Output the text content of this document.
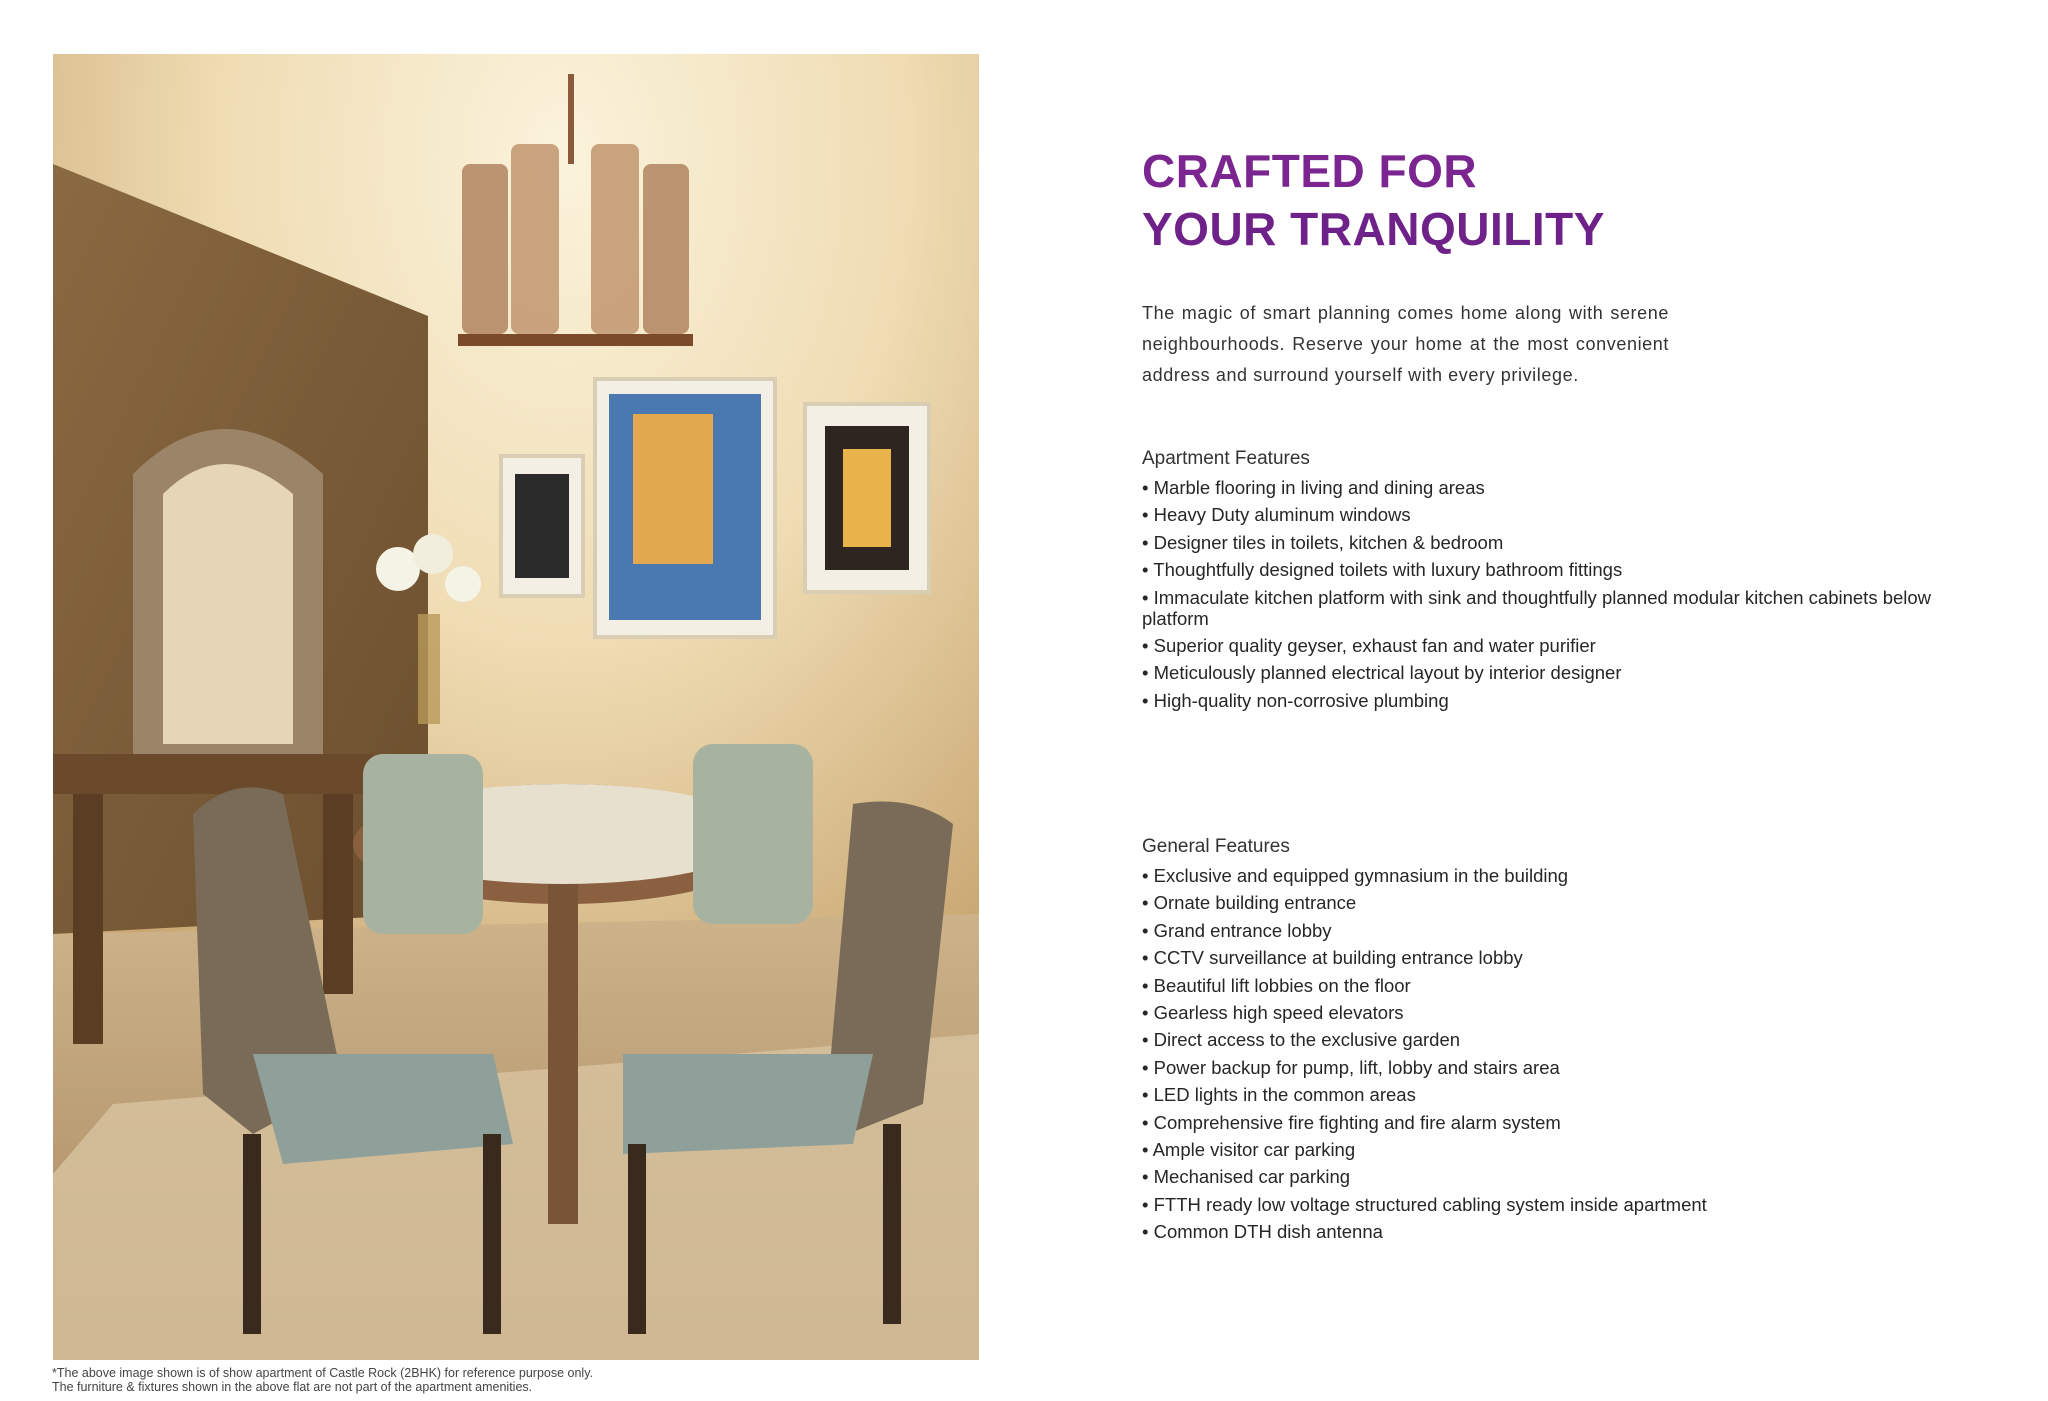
*The above image shown is of show apartment of Castle Rock (2BHK) for reference purpose only.
The furniture & fixtures shown in the above flat are not part of the apartment amenities.
CRAFTED FOR
YOUR TRANQUILITY
The magic of smart planning comes home along with serene neighbourhoods. Reserve your home at the most convenient address and surround yourself with every privilege.
Apartment Features
• Marble flooring in living and dining areas
• Heavy Duty aluminum windows
• Designer tiles in toilets, kitchen & bedroom
• Thoughtfully designed toilets with luxury bathroom fittings
• Immaculate kitchen platform with sink and thoughtfully planned modular kitchen cabinets below platform
• Superior quality geyser, exhaust fan and water purifier
• Meticulously planned electrical layout by interior designer
• High-quality non-corrosive plumbing
General Features
• Exclusive and equipped gymnasium in the building
• Ornate building entrance
• Grand entrance lobby
• CCTV surveillance at building entrance lobby
• Beautiful lift lobbies on the floor
• Gearless high speed elevators
• Direct access to the exclusive garden
• Power backup for pump, lift, lobby and stairs area
• LED lights in the common areas
• Comprehensive fire fighting and fire alarm system
• Ample visitor car parking
• Mechanised car parking
• FTTH ready low voltage structured cabling system inside apartment
• Common DTH dish antenna
